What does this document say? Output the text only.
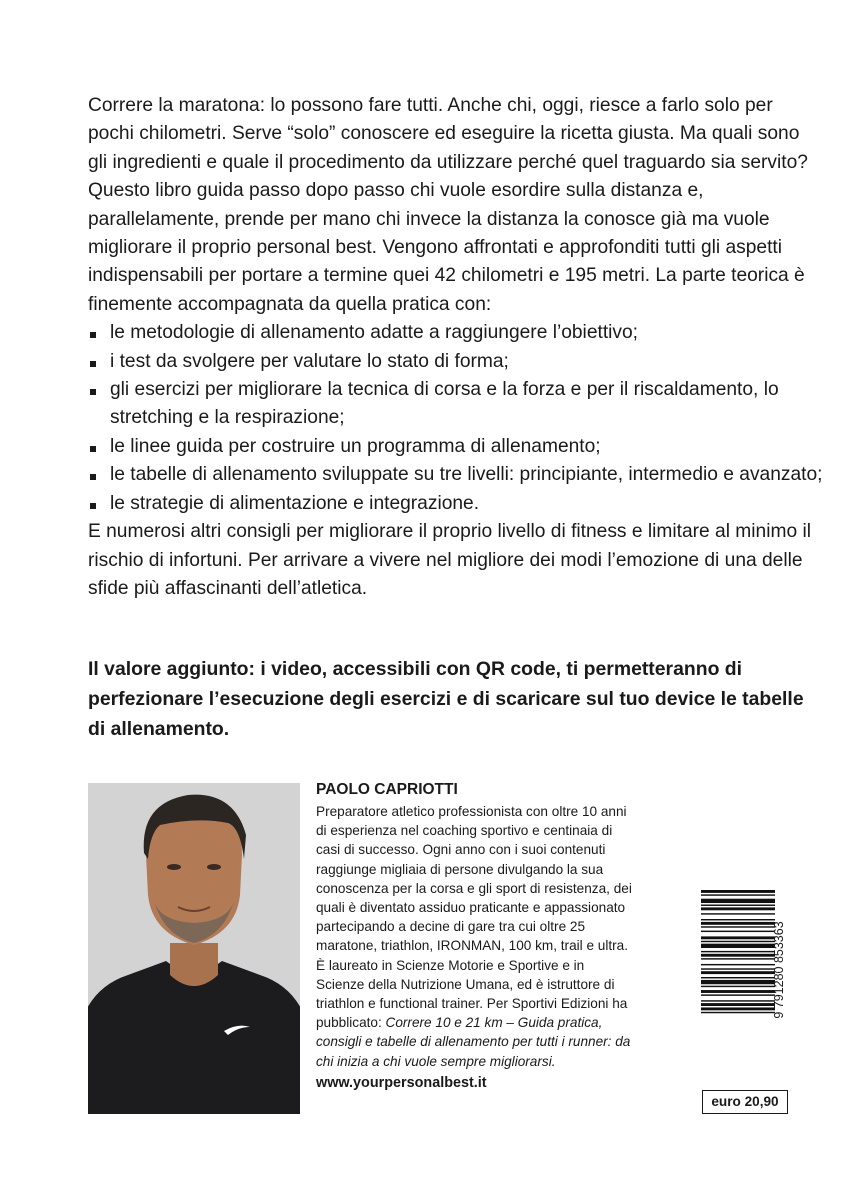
Correre la maratona: lo possono fare tutti. Anche chi, oggi, riesce a farlo solo per pochi chilometri. Serve “solo” conoscere ed eseguire la ricetta giusta. Ma quali sono gli ingredienti e quale il procedimento da utilizzare perché quel traguardo sia servito? Questo libro guida passo dopo passo chi vuole esordire sulla distanza e, parallelamente, prende per mano chi invece la distanza la conosce già ma vuole migliorare il proprio personal best. Vengono affrontati e approfonditi tutti gli aspetti indispensabili per portare a termine quei 42 chilometri e 195 metri. La parte teorica è finemente accompagnata da quella pratica con:

le metodologie di allenamento adatte a raggiungere l’obiettivo;
i test da svolgere per valutare lo stato di forma;
gli esercizi per migliorare la tecnica di corsa e la forza e per il riscaldamento, lo stretching e la respirazione;
le linee guida per costruire un programma di allenamento;
le tabelle di allenamento sviluppate su tre livelli: principiante, intermedio e avanzato;
le strategie di alimentazione e integrazione.

E numerosi altri consigli per migliorare il proprio livello di fitness e limitare al minimo il rischio di infortuni. Per arrivare a vivere nel migliore dei modi l’emozione di una delle sfide più affascinanti dell’atletica.

Il valore aggiunto: i video, accessibili con QR code, ti permetteranno di perfezionare l’esecuzione degli esercizi e di scaricare sul tuo device le tabelle di allenamento.

PAOLO CAPRIOTTI

Preparatore atletico professionista con oltre 10 anni di esperienza nel coaching sportivo e centinaia di casi di successo. Ogni anno con i suoi contenuti raggiunge migliaia di persone divulgando la sua conoscenza per la corsa e gli sport di resistenza, dei quali è diventato assiduo praticante e appassionato partecipando a decine di gare tra cui oltre 25 maratone, triathlon, IRONMAN, 100 km, trail e ultra. È laureato in Scienze Motorie e Sportive e in Scienze della Nutrizione Umana, ed è istruttore di triathlon e functional trainer. Per Sportivi Edizioni ha pubblicato: Correre 10 e 21 km – Guida pratica, consigli e tabelle di allenamento per tutti i runner: da chi inizia a chi vuole sempre migliorarsi.

www.yourpersonalbest.it

9 791280 853363
euro 20,90
